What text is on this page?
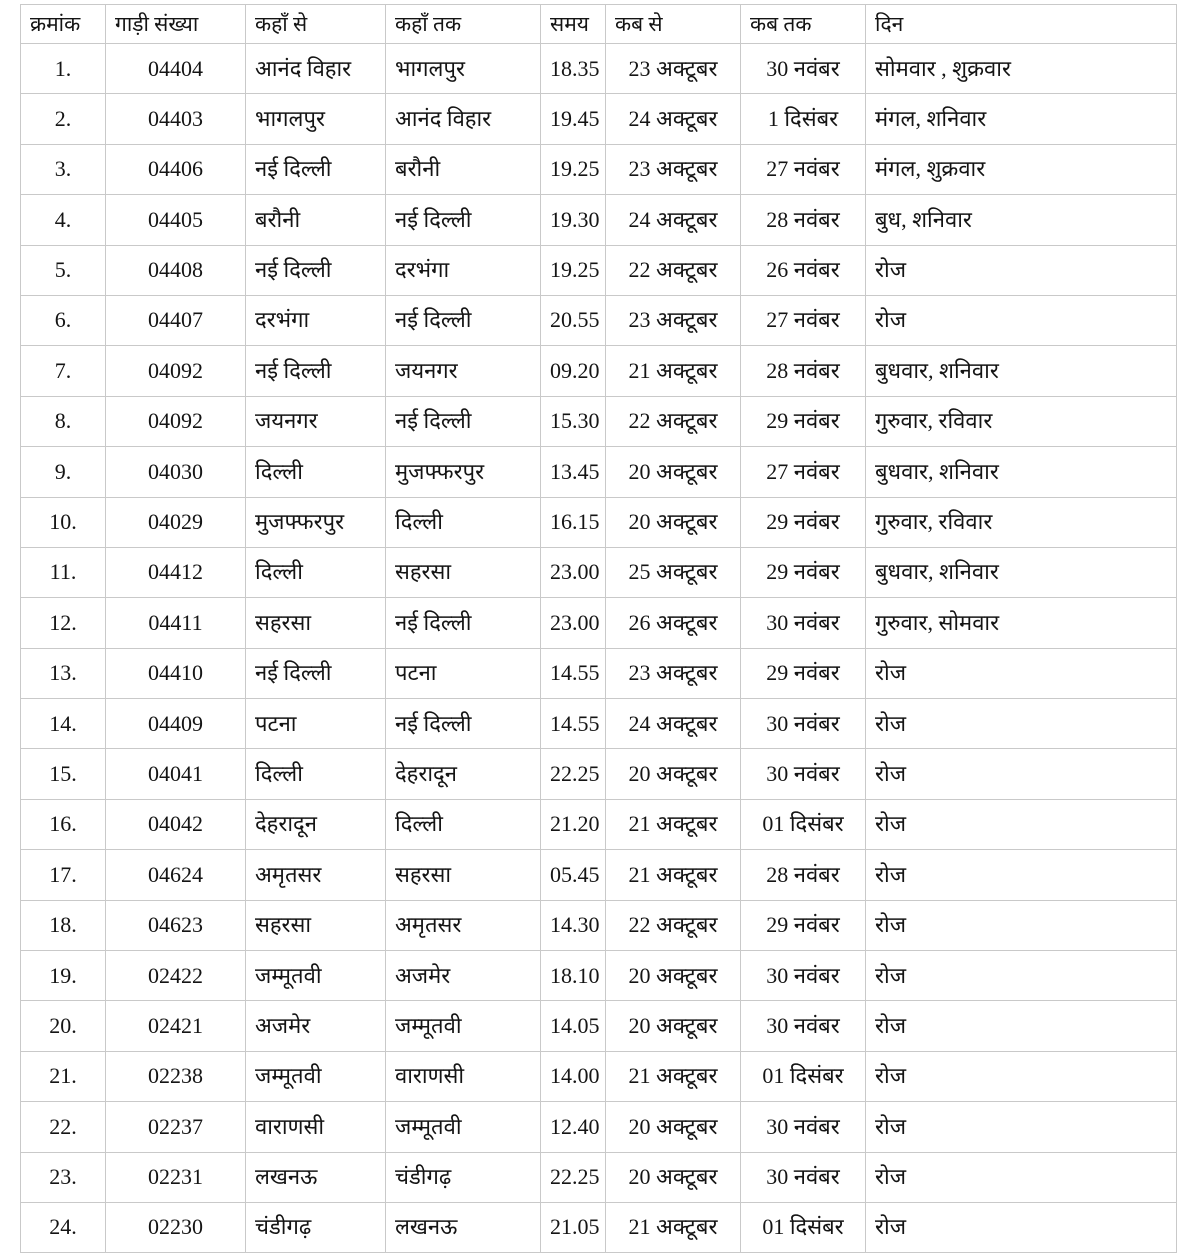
क्रमांक	गाड़ी संख्या	कहाँ से	कहाँ तक	समय	कब से	कब तक	दिन
1.	04404	आनंद विहार	भागलपुर	18.35	23 अक्टूबर	30 नवंबर	सोमवार , शुक्रवार
2.	04403	भागलपुर	आनंद विहार	19.45	24 अक्टूबर	1 दिसंबर	मंगल, शनिवार
3.	04406	नई दिल्ली	बरौनी	19.25	23 अक्टूबर	27 नवंबर	मंगल, शुक्रवार
4.	04405	बरौनी	नई दिल्ली	19.30	24 अक्टूबर	28 नवंबर	बुध, शनिवार
5.	04408	नई दिल्ली	दरभंगा	19.25	22 अक्टूबर	26 नवंबर	रोज
6.	04407	दरभंगा	नई दिल्ली	20.55	23 अक्टूबर	27 नवंबर	रोज
7.	04092	नई दिल्ली	जयनगर	09.20	21 अक्टूबर	28 नवंबर	बुधवार, शनिवार
8.	04092	जयनगर	नई दिल्ली	15.30	22 अक्टूबर	29 नवंबर	गुरुवार, रविवार
9.	04030	दिल्ली	मुजफ्फरपुर	13.45	20 अक्टूबर	27 नवंबर	बुधवार, शनिवार
10.	04029	मुजफ्फरपुर	दिल्ली	16.15	20 अक्टूबर	29 नवंबर	गुरुवार, रविवार
11.	04412	दिल्ली	सहरसा	23.00	25 अक्टूबर	29 नवंबर	बुधवार, शनिवार
12.	04411	सहरसा	नई दिल्ली	23.00	26 अक्टूबर	30 नवंबर	गुरुवार, सोमवार
13.	04410	नई दिल्ली	पटना	14.55	23 अक्टूबर	29 नवंबर	रोज
14.	04409	पटना	नई दिल्ली	14.55	24 अक्टूबर	30 नवंबर	रोज
15.	04041	दिल्ली	देहरादून	22.25	20 अक्टूबर	30 नवंबर	रोज
16.	04042	देहरादून	दिल्ली	21.20	21 अक्टूबर	01 दिसंबर	रोज
17.	04624	अमृतसर	सहरसा	05.45	21 अक्टूबर	28 नवंबर	रोज
18.	04623	सहरसा	अमृतसर	14.30	22 अक्टूबर	29 नवंबर	रोज
19.	02422	जम्मूतवी	अजमेर	18.10	20 अक्टूबर	30 नवंबर	रोज
20.	02421	अजमेर	जम्मूतवी	14.05	20 अक्टूबर	30 नवंबर	रोज
21.	02238	जम्मूतवी	वाराणसी	14.00	21 अक्टूबर	01 दिसंबर	रोज
22.	02237	वाराणसी	जम्मूतवी	12.40	20 अक्टूबर	30 नवंबर	रोज
23.	02231	लखनऊ	चंडीगढ़	22.25	20 अक्टूबर	30 नवंबर	रोज
24.	02230	चंडीगढ़	लखनऊ	21.05	21 अक्टूबर	01 दिसंबर	रोज
